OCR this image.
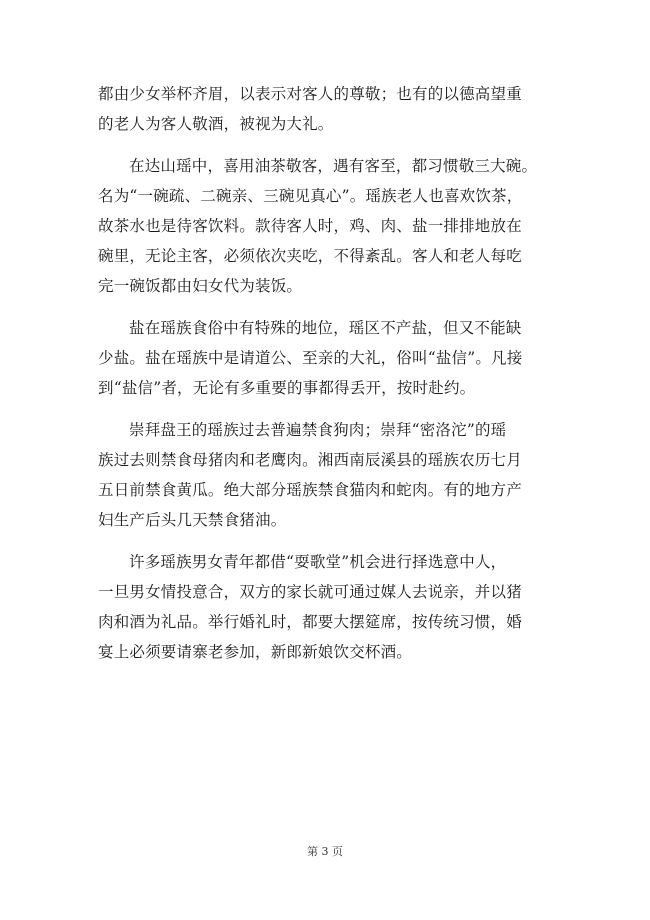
都由少女举杯齐眉，以表示对客人的尊敬；也有的以德高望重
的老人为客人敬酒，被视为大礼。
在达山瑶中，喜用油茶敬客，遇有客至，都习惯敬三大碗。
名为“一碗疏、二碗亲、三碗见真心”。瑶族老人也喜欢饮茶，
故茶水也是待客饮料。款待客人时，鸡、肉、盐一排排地放在
碗里，无论主客，必须依次夹吃，不得紊乱。客人和老人每吃
完一碗饭都由妇女代为装饭。
盐在瑶族食俗中有特殊的地位，瑶区不产盐，但又不能缺
少盐。盐在瑶族中是请道公、至亲的大礼，俗叫“盐信”。凡接
到“盐信”者，无论有多重要的事都得丢开，按时赴约。
崇拜盘王的瑶族过去普遍禁食狗肉；崇拜“密洛沱”的瑶
族过去则禁食母猪肉和老鹰肉。湘西南辰溪县的瑶族农历七月
五日前禁食黄瓜。绝大部分瑶族禁食猫肉和蛇肉。有的地方产
妇生产后头几天禁食猪油。
许多瑶族男女青年都借“耍歌堂”机会进行择选意中人，
一旦男女情投意合，双方的家长就可通过媒人去说亲，并以猪
肉和酒为礼品。举行婚礼时，都要大摆筵席，按传统习惯，婚
宴上必须要请寨老参加，新郎新娘饮交杯酒。
第 3 页
